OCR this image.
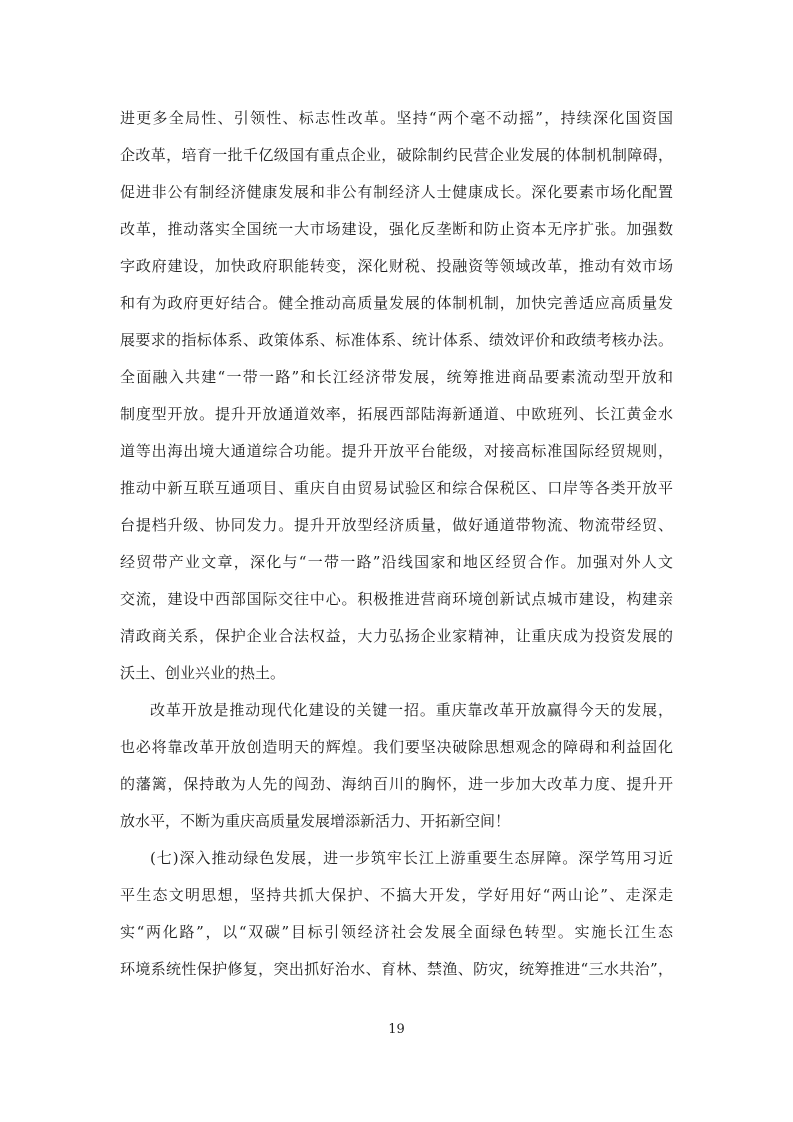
进更多全局性、引领性、标志性改革。坚持“两个毫不动摇”，持续深化国资国
企改革，培育一批千亿级国有重点企业，破除制约民营企业发展的体制机制障碍，
促进非公有制经济健康发展和非公有制经济人士健康成长。深化要素市场化配置
改革，推动落实全国统一大市场建设，强化反垄断和防止资本无序扩张。加强数
字政府建设，加快政府职能转变，深化财税、投融资等领域改革，推动有效市场
和有为政府更好结合。健全推动高质量发展的体制机制，加快完善适应高质量发
展要求的指标体系、政策体系、标准体系、统计体系、绩效评价和政绩考核办法。
全面融入共建“一带一路”和长江经济带发展，统筹推进商品要素流动型开放和
制度型开放。提升开放通道效率，拓展西部陆海新通道、中欧班列、长江黄金水
道等出海出境大通道综合功能。提升开放平台能级，对接高标准国际经贸规则，
推动中新互联互通项目、重庆自由贸易试验区和综合保税区、口岸等各类开放平
台提档升级、协同发力。提升开放型经济质量，做好通道带物流、物流带经贸、
经贸带产业文章，深化与“一带一路”沿线国家和地区经贸合作。加强对外人文
交流，建设中西部国际交往中心。积极推进营商环境创新试点城市建设，构建亲
清政商关系，保护企业合法权益，大力弘扬企业家精神，让重庆成为投资发展的
沃土、创业兴业的热土。
改革开放是推动现代化建设的关键一招。重庆靠改革开放赢得今天的发展，
也必将靠改革开放创造明天的辉煌。我们要坚决破除思想观念的障碍和利益固化
的藩篱，保持敢为人先的闯劲、海纳百川的胸怀，进一步加大改革力度、提升开
放水平，不断为重庆高质量发展增添新活力、开拓新空间！
(七)深入推动绿色发展，进一步筑牢长江上游重要生态屏障。深学笃用习近
平生态文明思想，坚持共抓大保护、不搞大开发，学好用好“两山论”、走深走
实“两化路”，以“双碳”目标引领经济社会发展全面绿色转型。实施长江生态
环境系统性保护修复，突出抓好治水、育林、禁渔、防灾，统筹推进“三水共治”，
19
